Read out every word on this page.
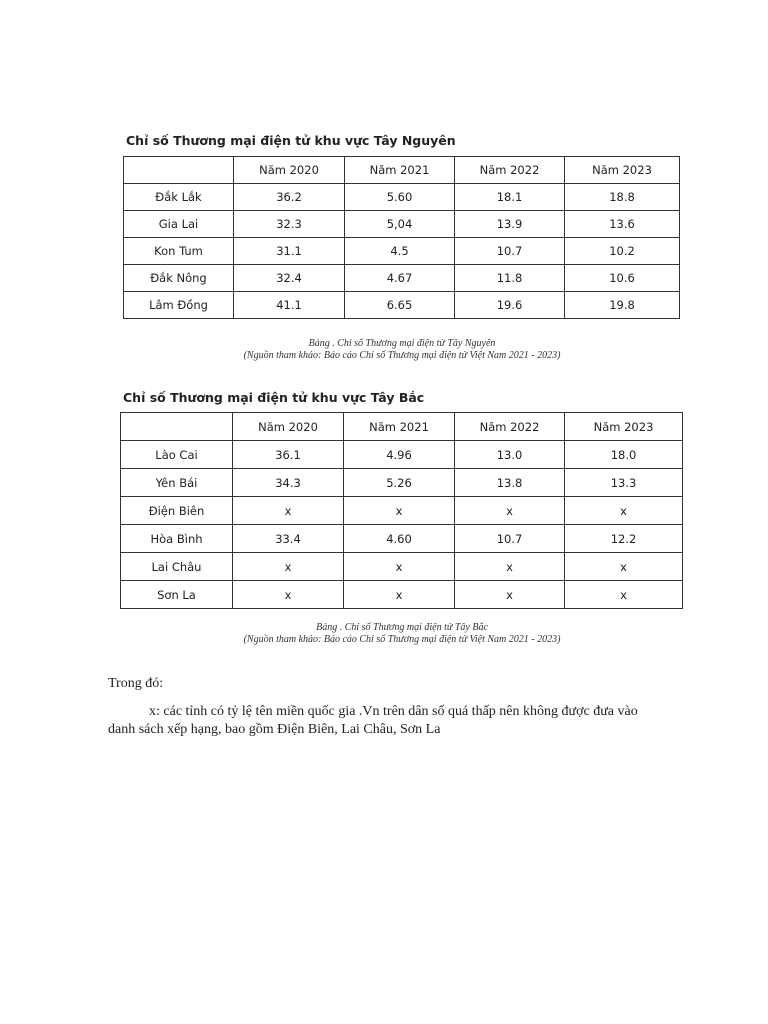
Chỉ số Thương mại điện tử khu vực Tây Nguyên
	Năm 2020	Năm 2021	Năm 2022	Năm 2023
Đắk Lắk	36.2	5.60	18.1	18.8
Gia Lai	32.3	5,04	13.9	13.6
Kon Tum	31.1	4.5	10.7	10.2
Đắk Nông	32.4	4.67	11.8	10.6
Lâm Đồng	41.1	6.65	19.6	19.8
Bảng . Chỉ số Thương mại điện tử Tây Nguyên
(Nguồn tham khảo: Báo cáo Chỉ số Thương mại điện tử Việt Nam 2021 - 2023)
Chỉ số Thương mại điện tử khu vực Tây Bắc
	Năm 2020	Năm 2021	Năm 2022	Năm 2023
Lào Cai	36.1	4.96	13.0	18.0
Yên Bái	34.3	5.26	13.8	13.3
Điện Biên	x	x	x	x
Hòa Bình	33.4	4.60	10.7	12.2
Lai Châu	x	x	x	x
Sơn La	x	x	x	x
Bảng . Chỉ số Thương mại điện tử Tây Bắc
(Nguồn tham khảo: Báo cáo Chỉ số Thương mại điện tử Việt Nam 2021 - 2023)
Trong đó:
x: các tỉnh có tỷ lệ tên miền quốc gia .Vn trên dân số quá thấp nên không được đưa vào
danh sách xếp hạng, bao gồm Điện Biên, Lai Châu, Sơn La
